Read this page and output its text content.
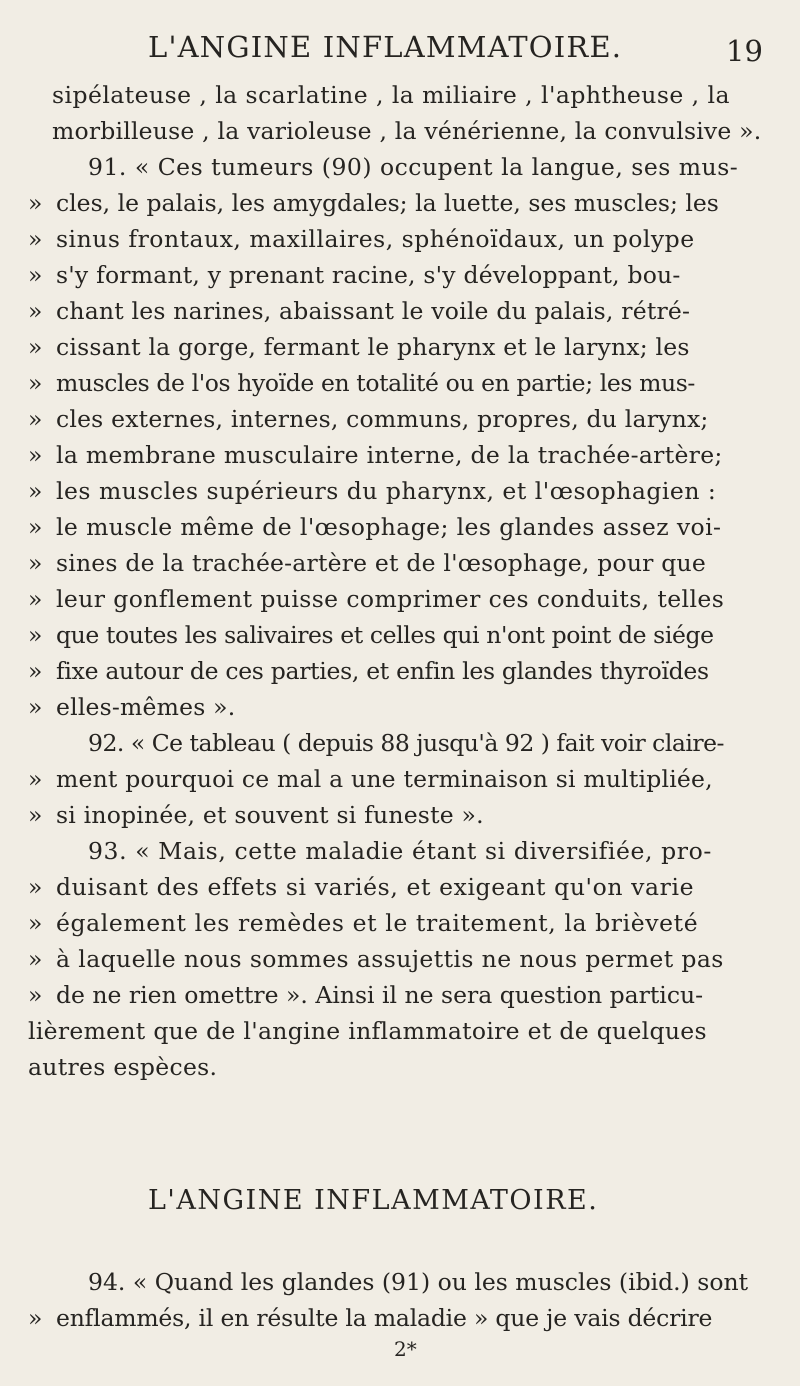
L'ANGINE INFLAMMATOIRE.	19
sipélateuse , la scarlatine , la miliaire , l'aphtheuse , la
morbilleuse , la varioleuse , la vénérienne, la convulsive ».
91. « Ces tumeurs (90) occupent la langue, ses mus-
» cles, le palais, les amygdales; la luette, ses muscles; les
» sinus frontaux, maxillaires, sphénoïdaux, un polype
» s'y formant, y prenant racine, s'y développant, bou-
» chant les narines, abaissant le voile du palais, rétré-
» cissant la gorge, fermant le pharynx et le larynx; les
» muscles de l'os hyoïde en totalité ou en partie; les mus-
» cles externes, internes, communs, propres, du larynx;
» la membrane musculaire interne, de la trachée-artère;
» les muscles supérieurs du pharynx, et l'œsophagien :
» le muscle même de l'œsophage; les glandes assez voi-
» sines de la trachée-artère et de l'œsophage, pour que
» leur gonflement puisse comprimer ces conduits, telles
» que toutes les salivaires et celles qui n'ont point de siége
» fixe autour de ces parties, et enfin les glandes thyroïdes
» elles-mêmes ».
92. « Ce tableau ( depuis 88 jusqu'à 92 ) fait voir claire-
» ment pourquoi ce mal a une terminaison si multipliée,
» si inopinée, et souvent si funeste ».
93. « Mais, cette maladie étant si diversifiée, pro-
» duisant des effets si variés, et exigeant qu'on varie
» également les remèdes et le traitement, la brièveté
» à laquelle nous sommes assujettis ne nous permet pas
» de ne rien omettre ». Ainsi il ne sera question particu-
lièrement que de l'angine inflammatoire et de quelques
autres espèces.
L'ANGINE INFLAMMATOIRE.
94. « Quand les glandes (91) ou les muscles (ibid.) sont
» enflammés, il en résulte la maladie » que je vais décrire
2*
